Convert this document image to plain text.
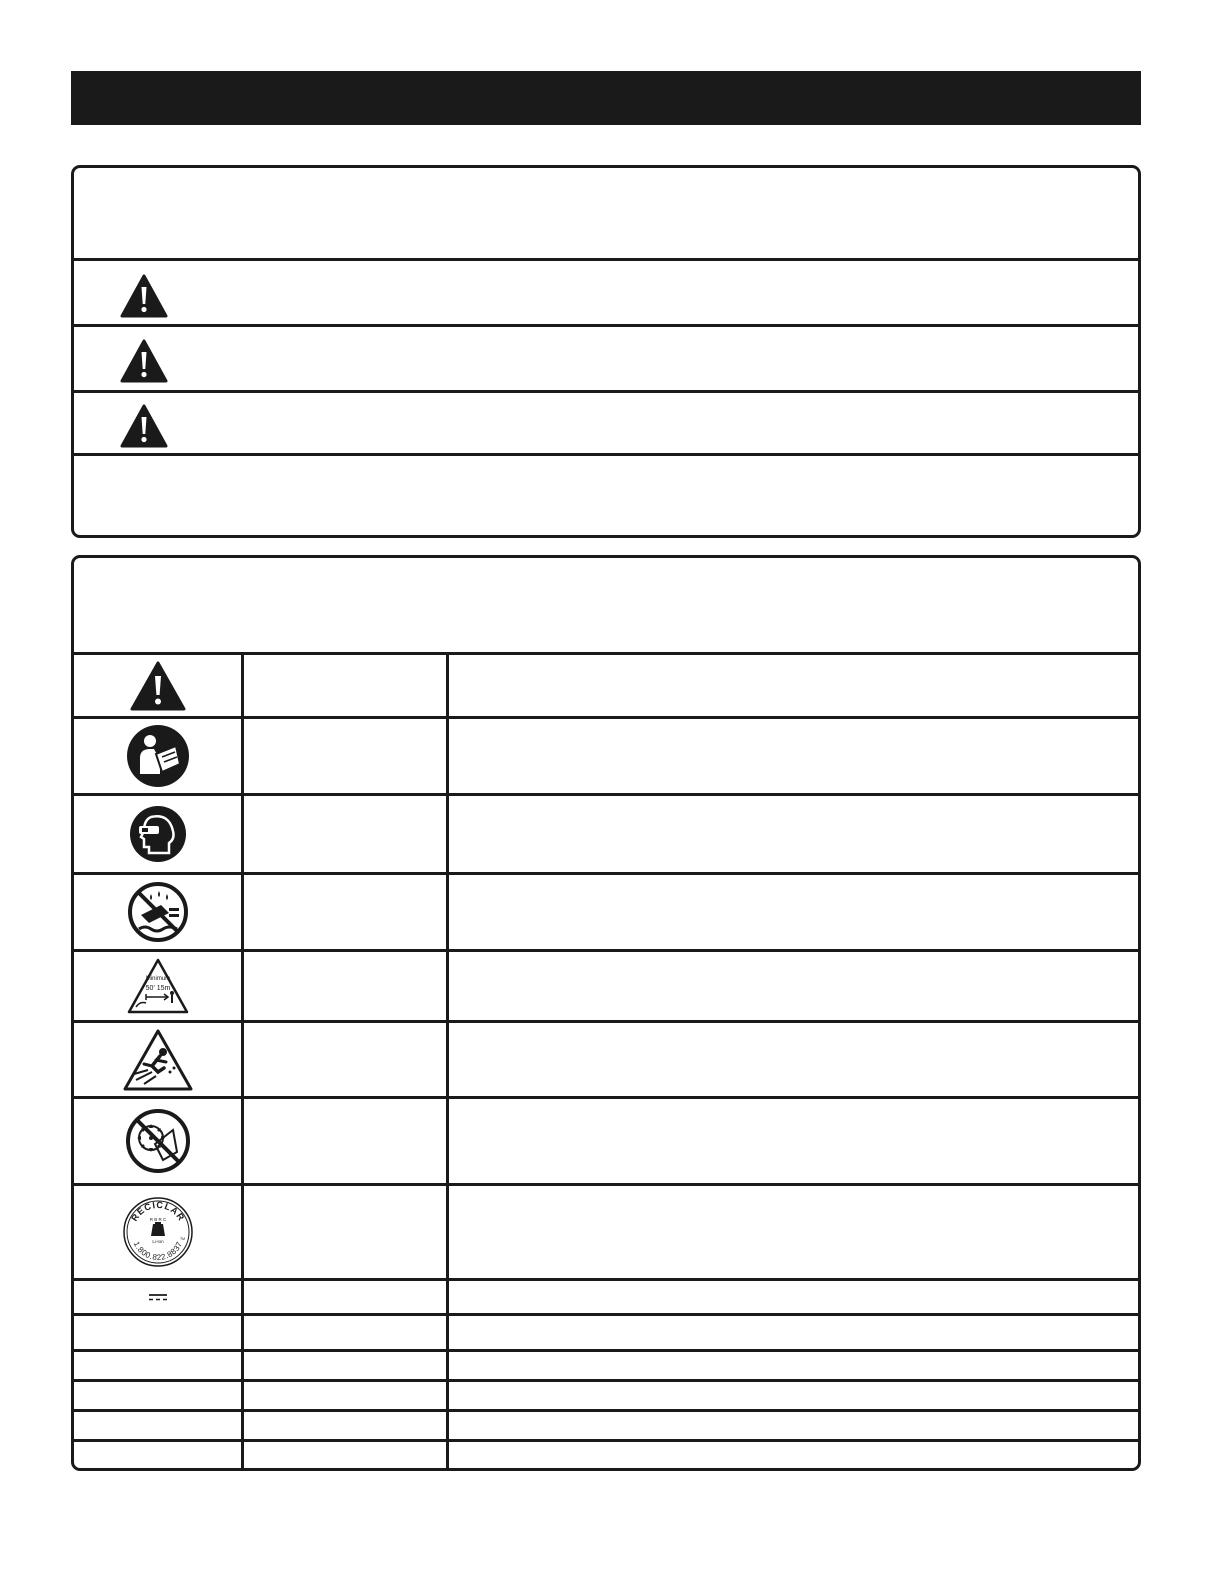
Minimum
50' 15m
RECICLAR
1.800.822.8837
R B R C
Li-Ion	TM
